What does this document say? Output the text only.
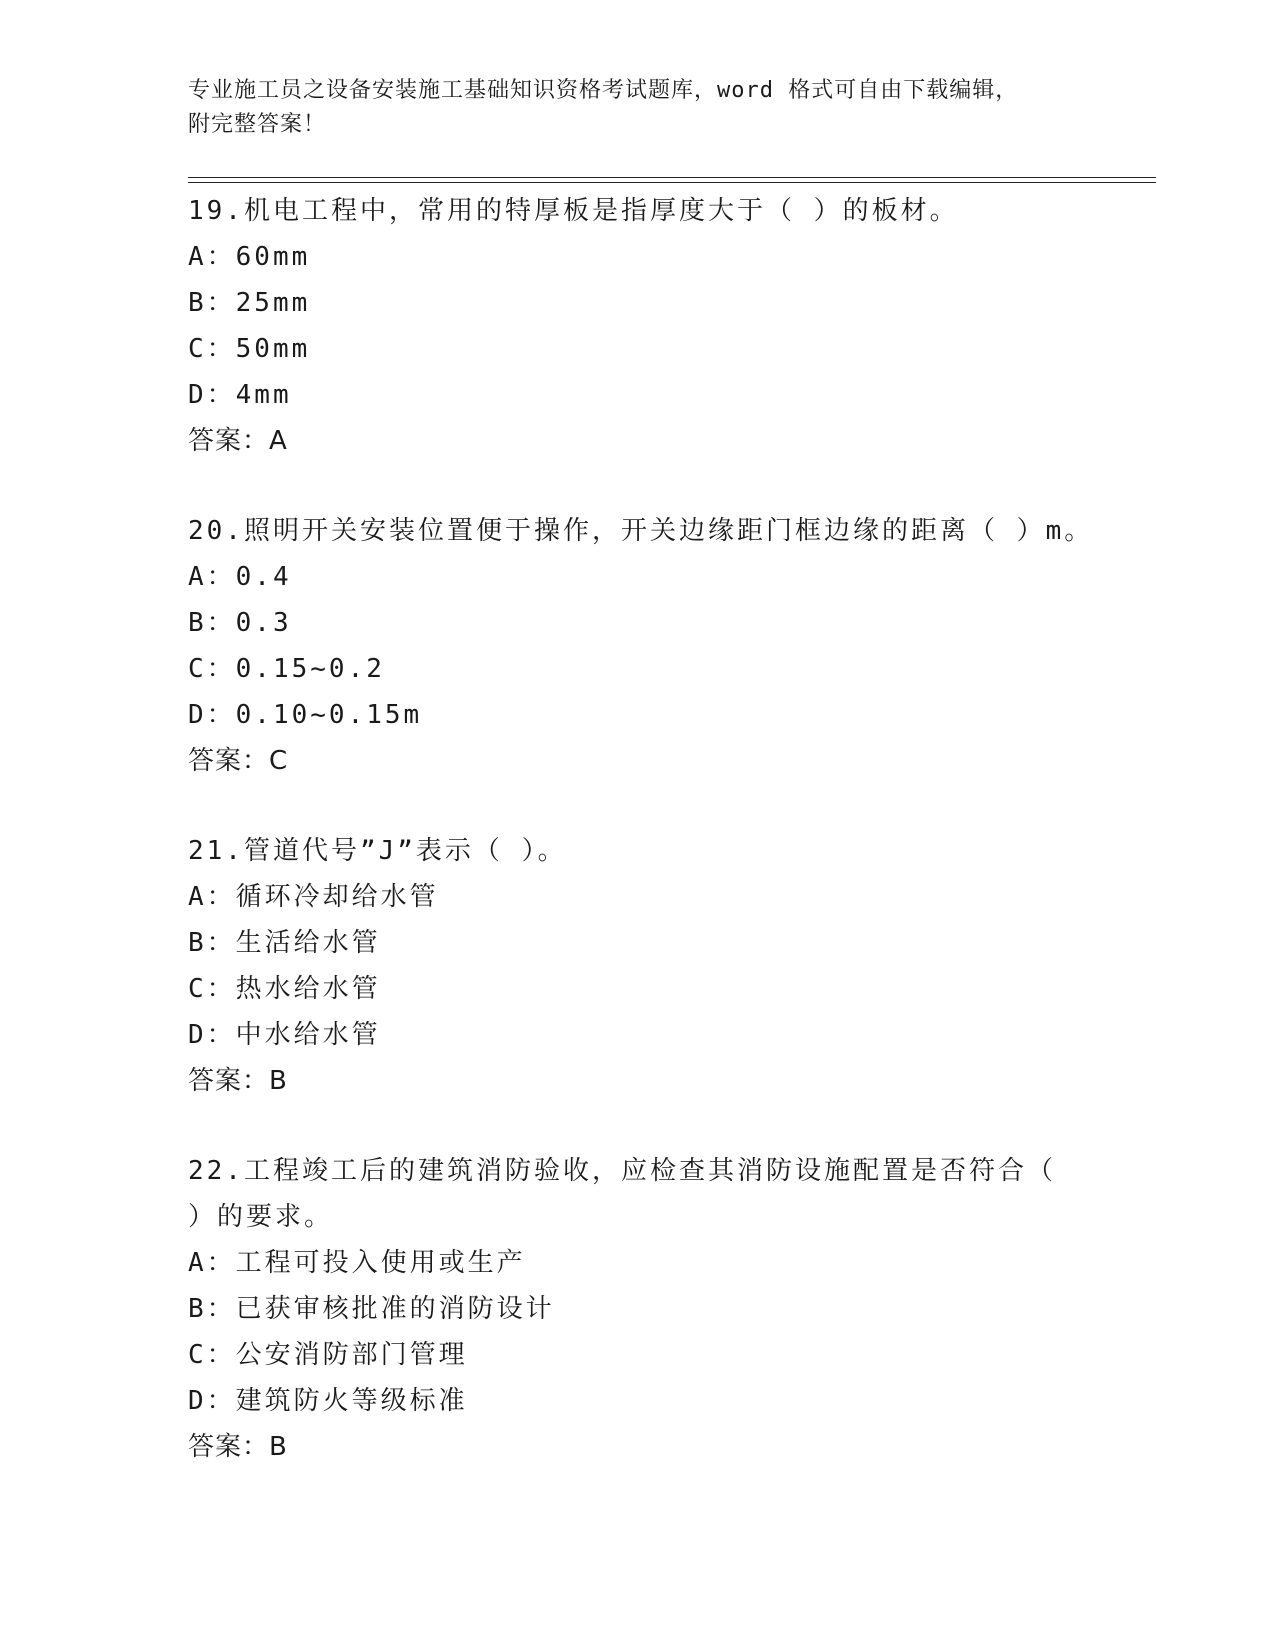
专业施工员之设备安装施工基础知识资格考试题库，word 格式可自由下载编辑，
附完整答案！
19.机电工程中，常用的特厚板是指厚度大于（ ）的板材。
A：60mm
B：25mm
C：50mm
D：4mm
答案：A
20.照明开关安装位置便于操作，开关边缘距门框边缘的距离（ ）m。
A：0.4
B：0.3
C：0.15~0.2
D：0.10~0.15m
答案：C
21.管道代号”J”表示（ ）。
A：循环冷却给水管
B：生活给水管
C：热水给水管
D：中水给水管
答案：B
22.工程竣工后的建筑消防验收，应检查其消防设施配置是否符合（
）的要求。
A：工程可投入使用或生产
B：已获审核批准的消防设计
C：公安消防部门管理
D：建筑防火等级标准
答案：B
